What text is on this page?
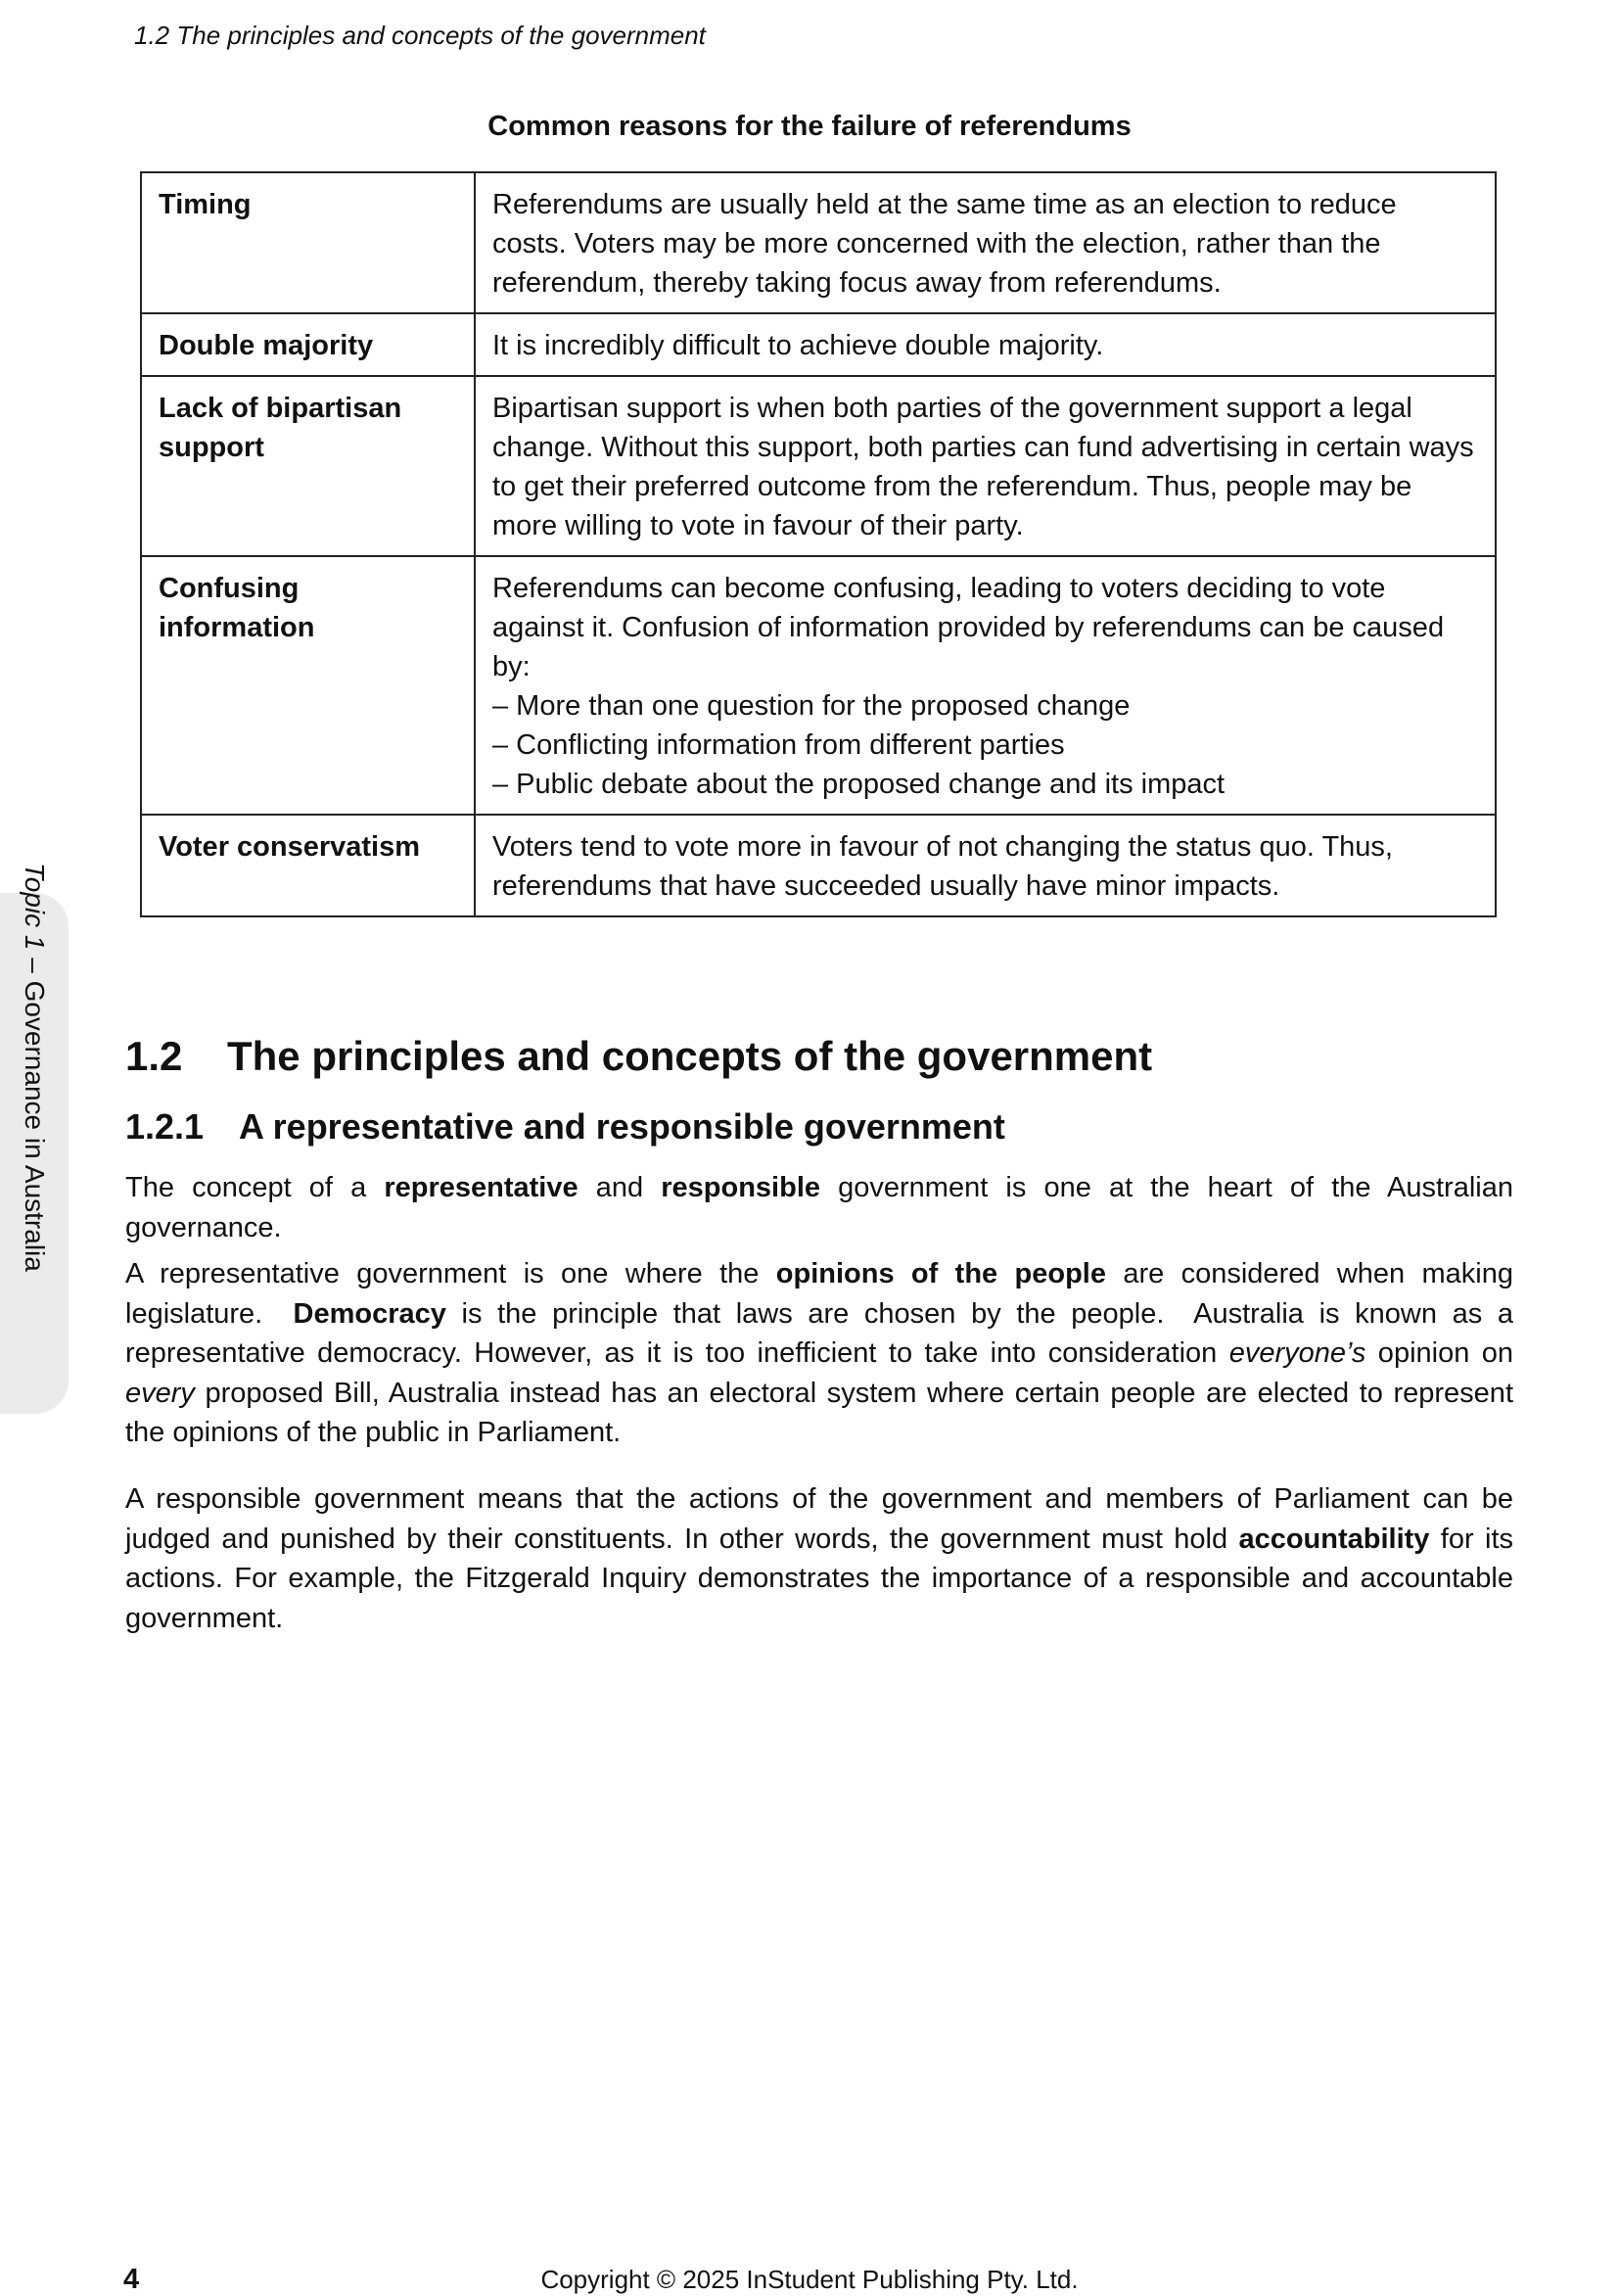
1.2 The principles and concepts of the government
Common reasons for the failure of referendums
Timing	Referendums are usually held at the same time as an election to reduce costs. Voters may be more concerned with the election, rather than the referendum, thereby taking focus away from referendums.

Double majority	It is incredibly difficult to achieve double majority.

Lack of bipartisan support	Bipartisan support is when both parties of the government support a legal change. Without this support, both parties can fund advertising in certain ways to get their preferred outcome from the referendum. Thus, people may be more willing to vote in favour of their party.

Confusing information	Referendums can become confusing, leading to voters deciding to vote against it. Confusion of information provided by referendums can be caused by:
– More than one question for the proposed change
– Conflicting information from different parties
– Public debate about the proposed change and its impact

Voter conservatism	Voters tend to vote more in favour of not changing the status quo. Thus, referendums that have succeeded usually have minor impacts.
Topic 1
–
Governance in Australia 1.2 The principles and concepts of the government
1.2.1 A representative and responsible government

The concept of a representative and responsible government is one at the heart of the Australian governance.

A representative government is one where the opinions of the people are considered when making legislature.  Democracy is the principle that laws are chosen by the people.  Australia is known as a representative democracy. However, as it is too inefficient to take into consideration everyone’s opinion on every proposed Bill, Australia instead has an electoral system where certain people are elected to represent the opinions of the public in Parliament.

A responsible government means that the actions of the government and members of Parliament can be judged and punished by their constituents. In other words, the government must hold accountability for its actions. For example, the Fitzgerald Inquiry demonstrates the importance of a responsible and accountable government.

4	Copyright © 2025 InStudent Publishing Pty. Ltd.
